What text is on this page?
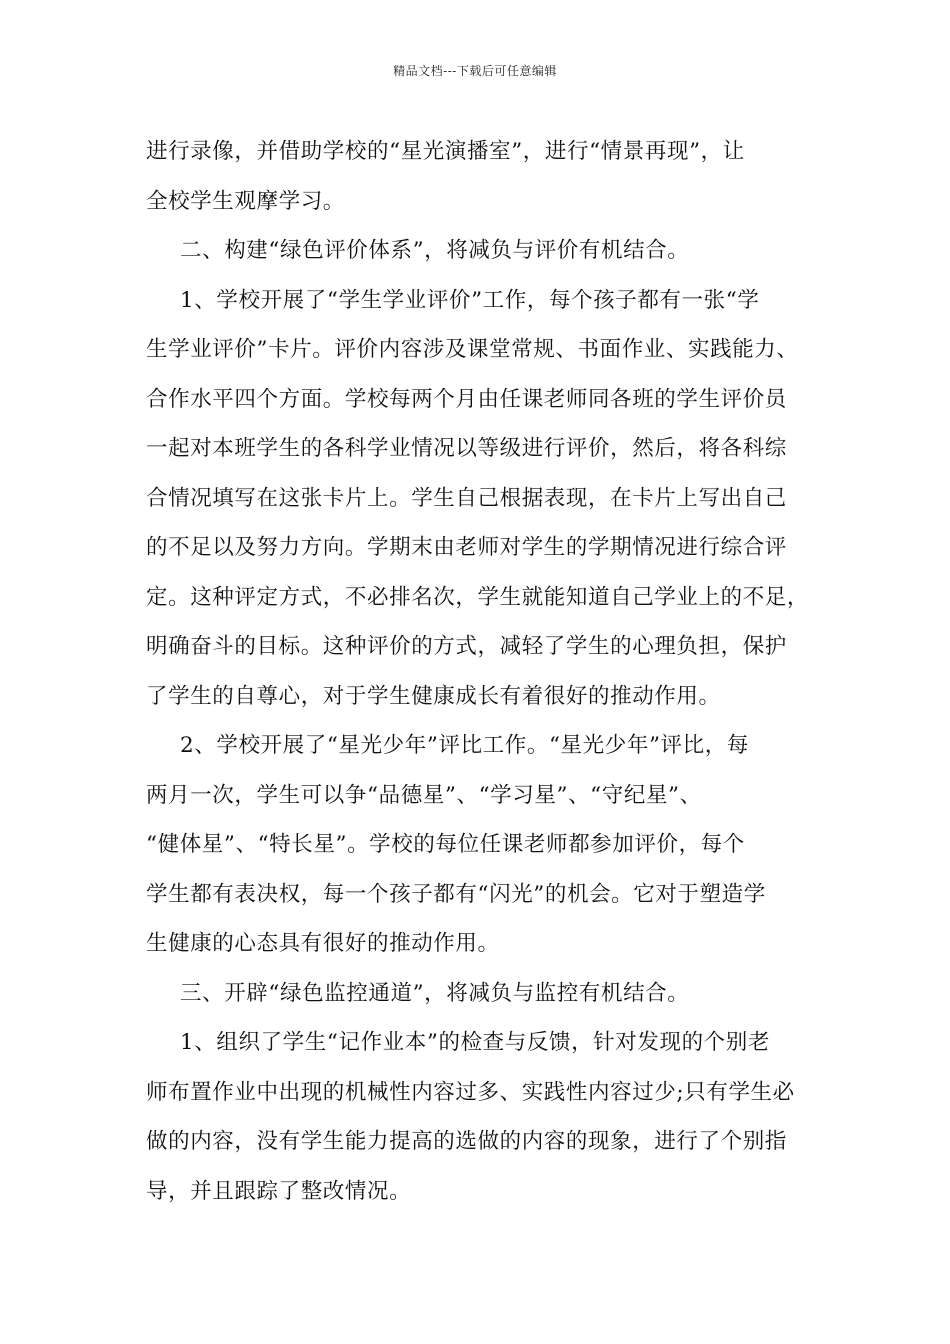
精品文档---下载后可任意编辑
进行录像，并借助学校的“星光演播室”，进行“情景再现”，让
全校学生观摩学习。
二、构建“绿色评价体系”，将减负与评价有机结合。
1、学校开展了“学生学业评价”工作，每个孩子都有一张“学
生学业评价”卡片。评价内容涉及课堂常规、书面作业、实践能力、
合作水平四个方面。学校每两个月由任课老师同各班的学生评价员
一起对本班学生的各科学业情况以等级进行评价，然后，将各科综
合情况填写在这张卡片上。学生自己根据表现，在卡片上写出自己
的不足以及努力方向。学期末由老师对学生的学期情况进行综合评
定。这种评定方式，不必排名次，学生就能知道自己学业上的不足，
明确奋斗的目标。这种评价的方式，减轻了学生的心理负担，保护
了学生的自尊心，对于学生健康成长有着很好的推动作用。
2、学校开展了“星光少年”评比工作。“星光少年”评比，每
两月一次，学生可以争“品德星”、“学习星”、“守纪星”、
“健体星”、“特长星”。学校的每位任课老师都参加评价，每个
学生都有表决权，每一个孩子都有“闪光”的机会。它对于塑造学
生健康的心态具有很好的推动作用。
三、开辟“绿色监控通道”，将减负与监控有机结合。
1、组织了学生“记作业本”的检查与反馈，针对发现的个别老
师布置作业中出现的机械性内容过多、实践性内容过少;只有学生必
做的内容，没有学生能力提高的选做的内容的现象，进行了个别指
导，并且跟踪了整改情况。
